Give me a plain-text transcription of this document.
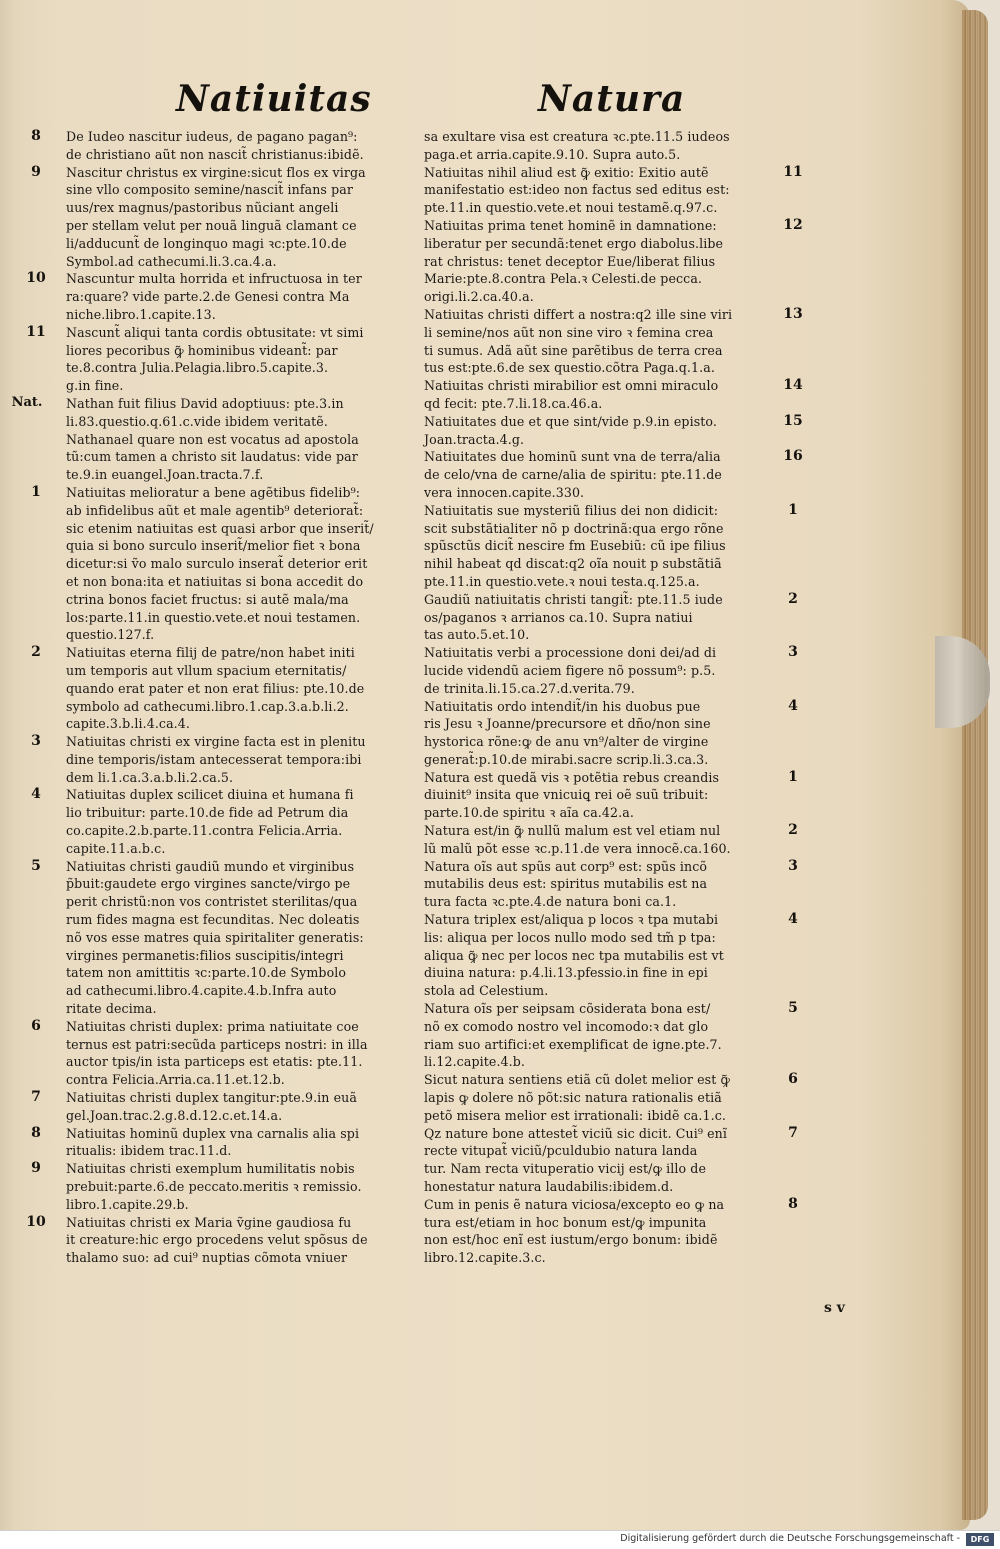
Natiuitas	Natura
8	De Iudeo nascitur iudeus, de pagano pagan⁹:
de christiano aũt non nascit̃ christianus:ibidẽ.
9	Nascitur christus ex virgine:sicut flos ex virga
sine vllo composito semine/nascit̃ infans par
uus/rex magnus/pastoribus nũciant angeli
per stellam velut per nouã linguã clamant ce
li/adducunt̃ de longinquo magi ꝛc:pte.10.de
Symbol.ad cathecumi.li.3.ca.4.a.
10	Nascuntur multa horrida et infructuosa in ter
ra:quare? vide parte.2.de Genesi contra Ma
niche.libro.1.capite.13.
11	Nascunt̃ aliqui tanta cordis obtusitate: vt simi
liores pecoribus ꝙ̃ hominibus videant̃: par
te.8.contra Julia.Pelagia.libro.5.capite.3.
g.in fine.
Nat.	Nathan fuit filius David adoptiuus: pte.3.in
li.83.questio.q.61.c.vide ibidem veritatẽ.
Nathanael quare non est vocatus ad apostola
tũ:cum tamen a christo sit laudatus: vide par
te.9.in euangel.Joan.tracta.7.f.
1	Natiuitas melioratur a bene agẽtibus fidelib⁹:
ab infidelibus aũt et male agentib⁹ deteriorat̃:
sic etenim natiuitas est quasi arbor que inserit̃/
quia si bono surculo inserit̃/melior fiet ꝛ bona
dicetur:si ṽo malo surculo inserat̃ deterior erit
et non bona:ita et natiuitas si bona accedit do
ctrina bonos faciet fructus: si autẽ mala/ma
los:parte.11.in questio.vete.et noui testamen.
questio.127.f.
2	Natiuitas eterna filij de patre/non habet initi
um temporis aut vllum spacium eternitatis/
quando erat pater et non erat filius: pte.10.de
symbolo ad cathecumi.libro.1.cap.3.a.b.li.2.
capite.3.b.li.4.ca.4.
3	Natiuitas christi ex virgine facta est in plenitu
dine temporis/istam antecesserat tempora:ibi
dem li.1.ca.3.a.b.li.2.ca.5.
4	Natiuitas duplex scilicet diuina et humana fi
lio tribuitur: parte.10.de fide ad Petrum dia
co.capite.2.b.parte.11.contra Felicia.Arria.
capite.11.a.b.c.
5	Natiuitas christi gaudiũ mundo et virginibus
p̃buit:gaudete ergo virgines sancte/virgo pe
perit christũ:non vos contristet sterilitas/qua
rum fides magna est fecunditas. Nec doleatis
nõ vos esse matres quia spiritaliter generatis:
virgines permanetis:filios suscipitis/integri
tatem non amittitis ꝛc:parte.10.de Symbolo
ad cathecumi.libro.4.capite.4.b.Infra auto
ritate decima.
6	Natiuitas christi duplex: prima natiuitate coe
ternus est patri:secũda particeps nostri: in illa
auctor tpis/in ista particeps est etatis: pte.11.
contra Felicia.Arria.ca.11.et.12.b.
7	Natiuitas christi duplex tangitur:pte.9.in euã
gel.Joan.trac.2.g.8.d.12.c.et.14.a.
8	Natiuitas hominũ duplex vna carnalis alia spi
ritualis: ibidem trac.11.d.
9	Natiuitas christi exemplum humilitatis nobis
prebuit:parte.6.de peccato.meritis ꝛ remissio.
libro.1.capite.29.b.
10	Natiuitas christi ex Maria ṽgine gaudiosa fu
it creature:hic ergo procedens velut spõsus de
thalamo suo: ad cui⁹ nuptias cõmota vniuer
sa exultare visa est creatura ꝛc.pte.11.5 iudeos
paga.et arria.capite.9.10. Supra auto.5.
11
Natiuitas nihil aliud est ꝙ̃ exitio: Exitio autẽ
manifestatio est:ideo non factus sed editus est:
pte.11.in questio.vete.et noui testamẽ.q.97.c.
12
Natiuitas prima tenet hominẽ in damnatione:
liberatur per secundã:tenet ergo diabolus.libe
rat christus: tenet deceptor Eue/liberat filius
Marie:pte.8.contra Pela.ꝛ Celesti.de pecca.
origi.li.2.ca.40.a.
13
Natiuitas christi differt a nostra:q2 ille sine viri
li semine/nos aũt non sine viro ꝛ femina crea
ti sumus. Adã aũt sine parẽtibus de terra crea
tus est:pte.6.de sex questio.cõtra Paga.q.1.a.
14
Natiuitas christi mirabilior est omni miraculo
qd fecit: pte.7.li.18.ca.46.a.
15
Natiuitates due et que sint/vide p.9.in episto.
Joan.tracta.4.g.
16
Natiuitates due hominũ sunt vna de terra/alia
de celo/vna de carne/alia de spiritu: pte.11.de
vera innocen.capite.330.
1
Natiuitatis sue mysteriũ filius dei non didicit:
scit substãtialiter nõ p doctrinã:qua ergo rõne
spũsctũs dicit̃ nescire fm Eusebiũ: cũ ipe filius
nihil habeat qd discat:q2 oĩa nouit p substãtiã
pte.11.in questio.vete.ꝛ noui testa.q.125.a.
2
Gaudiũ natiuitatis christi tangit̃: pte.11.5 iude
os/paganos ꝛ arrianos ca.10. Supra natiui
tas auto.5.et.10.
3
Natiuitatis verbi a processione doni dei/ad di
lucide videndũ aciem figere nõ possum⁹: p.5.
de trinita.li.15.ca.27.d.verita.79.
4
Natiuitatis ordo intendit̃/in his duobus pue
ris Jesu ꝛ Joanne/precursore et dño/non sine
hystorica rõne:ꝙ de anu vn⁹/alter de virgine
generat̃:p.10.de mirabi.sacre scrip.li.3.ca.3.
1
Natura est quedã vis ꝛ potẽtia rebus creandis
diuinit⁹ insita que vnicuiꝗ rei oẽ suũ tribuit:
parte.10.de spiritu ꝛ aĩa ca.42.a.
2
Natura est/in ꝙ̃ nullũ malum est vel etiam nul
lũ malũ põt esse ꝛc.p.11.de vera innocẽ.ca.160.
3
Natura oĩs aut spũs aut corp⁹ est: spũs incõ
mutabilis deus est: spiritus mutabilis est na
tura facta ꝛc.pte.4.de natura boni ca.1.
4
Natura triplex est/aliqua p locos ꝛ tpa mutabi
lis: aliqua per locos nullo modo sed tm̃ p tpa:
aliqua ꝙ̃ nec per locos nec tpa mutabilis est vt
diuina natura: p.4.li.13.pfessio.in fine in epi
stola ad Celestium.
5
Natura oĩs per seipsam cõsiderata bona est/
nõ ex comodo nostro vel incomodo:ꝛ dat glo
riam suo artifici:et exemplificat de igne.pte.7.
li.12.capite.4.b.
6
Sicut natura sentiens etiã cũ dolet melior est ꝙ̃
lapis ꝙ dolere nõ põt:sic natura rationalis etiã
petõ misera melior est irrationali: ibidẽ ca.1.c.
7
Qz nature bone attestet̃ viciũ sic dicit. Cui⁹ enĩ
recte vitupat̃ viciũ/pculdubio natura landa
tur. Nam recta vituperatio vicij est/ꝙ illo de
honestatur natura laudabilis:ibidem.d.
8
Cum in penis ẽ natura viciosa/excepto eo ꝙ na
tura est/etiam in hoc bonum est/ꝙ impunita
non est/hoc enĩ est iustum/ergo bonum: ibidẽ
libro.12.capite.3.c.
s v
Digitalisierung gefördert durch die Deutsche Forschungsgemeinschaft -	DFG
